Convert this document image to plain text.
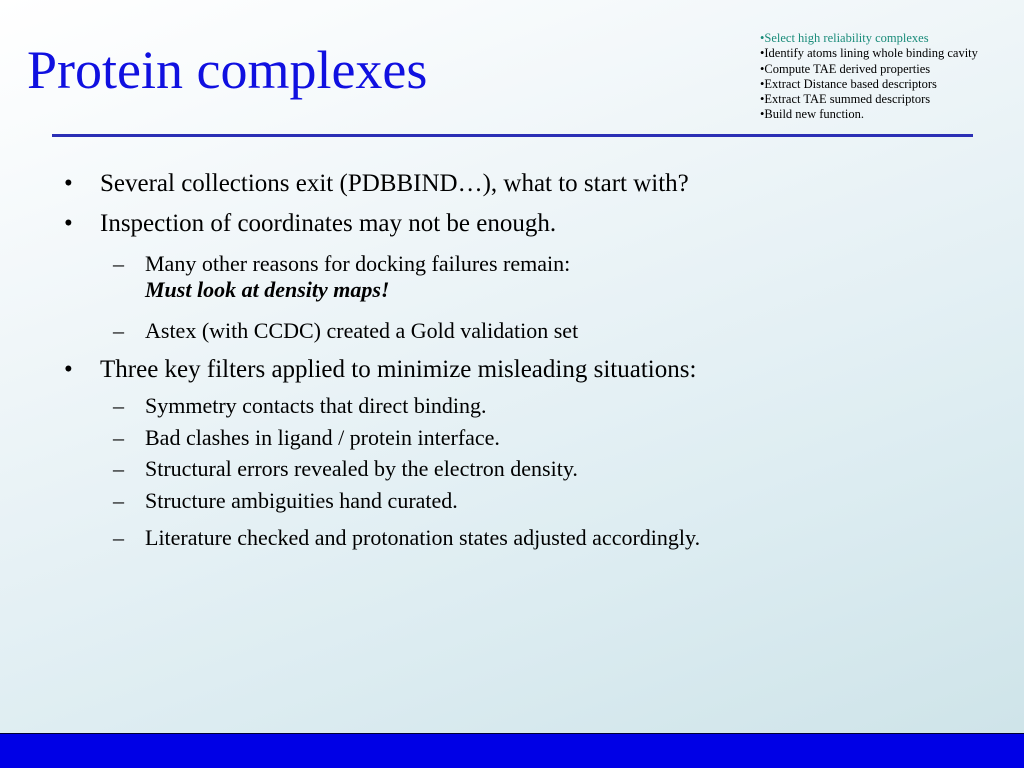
Protein complexes
•Select high reliability complexes
•Identify atoms lining whole binding cavity
•Compute TAE derived properties
•Extract Distance based descriptors
•Extract TAE summed descriptors
•Build new function.
• Several collections exit (PDBBIND…), what to start with?
• Inspection of coordinates may not be enough.
– Many other reasons for docking failures remain:
Must look at density maps!
– Astex (with CCDC) created a Gold validation set
• Three key filters applied to minimize misleading situations:
– Symmetry contacts that direct binding.
– Bad clashes in ligand / protein interface.
– Structural errors revealed by the electron density.
– Structure ambiguities hand curated.
– Literature checked and protonation states adjusted accordingly.
